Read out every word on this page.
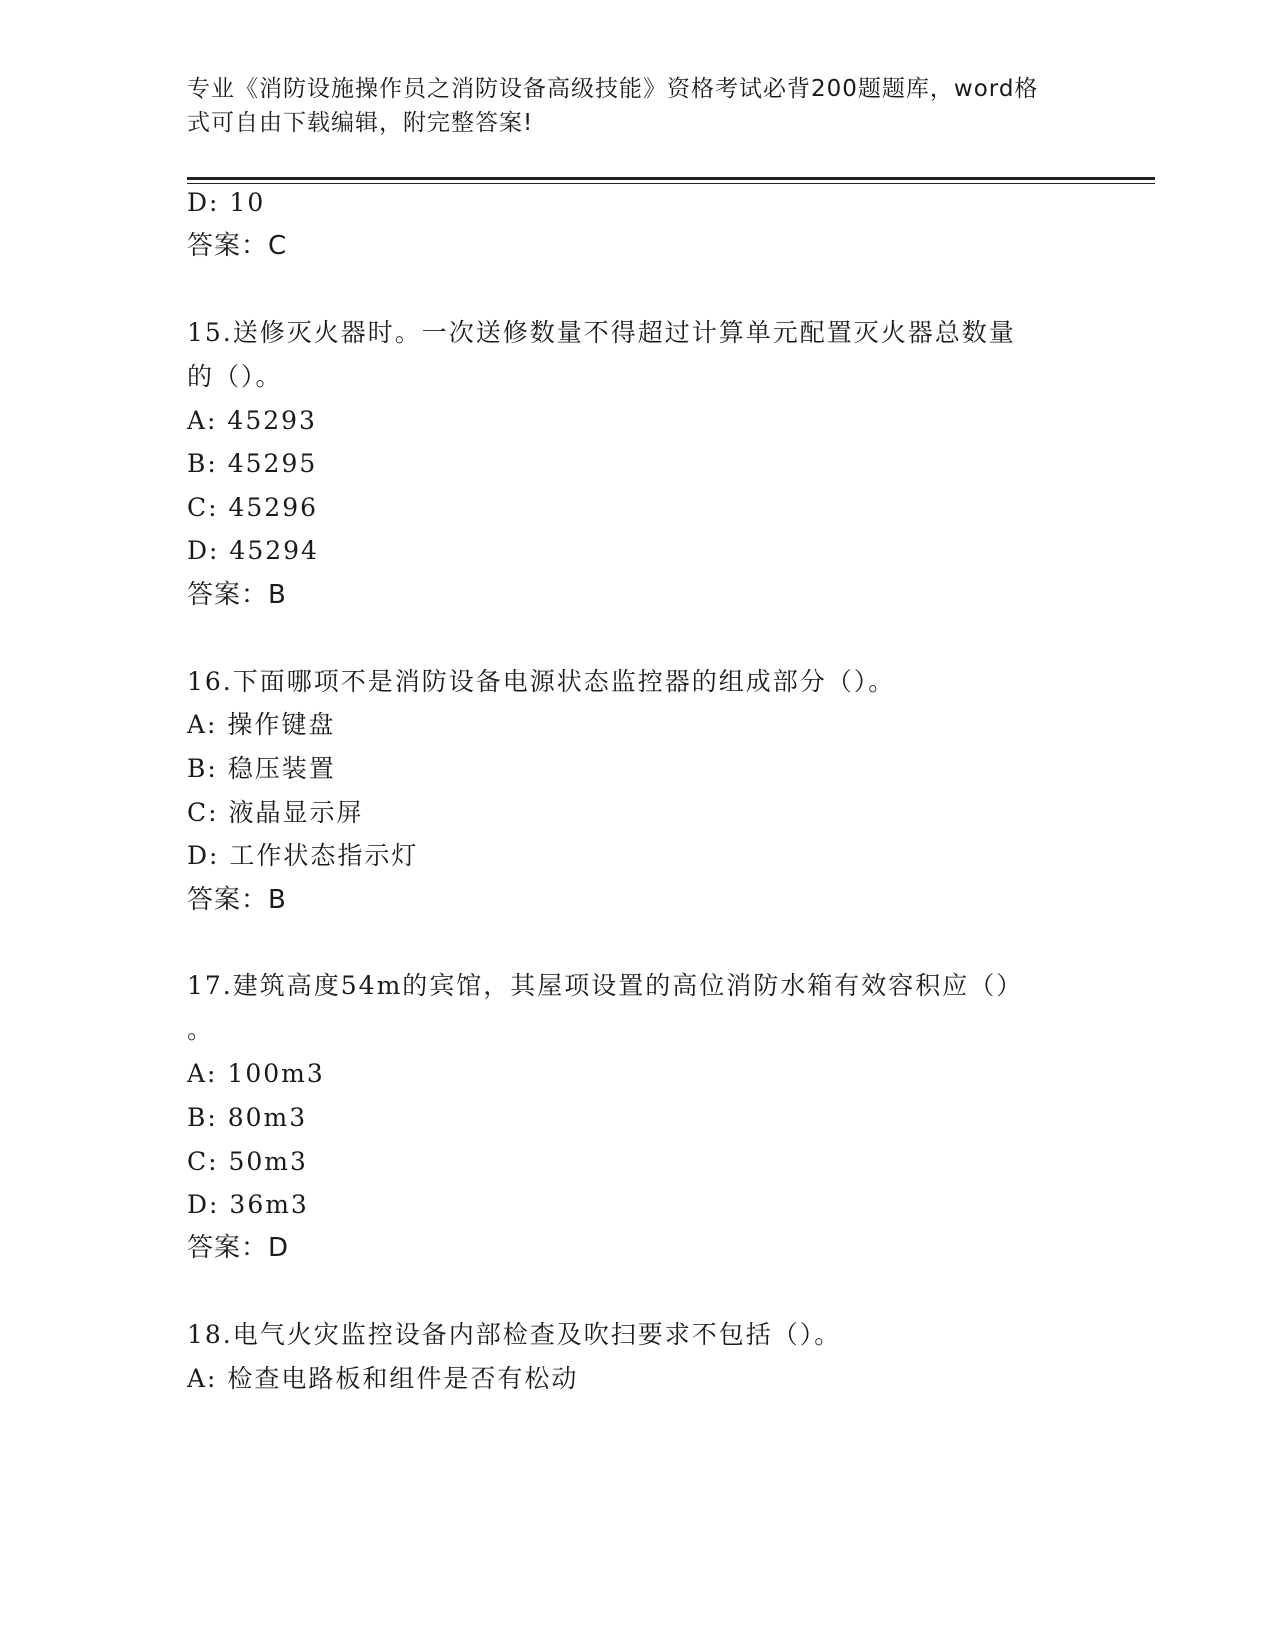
专业《消防设施操作员之消防设备高级技能》资格考试必背200题题库，word格
式可自由下载编辑，附完整答案!
D: 10
答案：C
15.送修灭火器时。一次送修数量不得超过计算单元配置灭火器总数量
的（）。
A: 45293
B: 45295
C: 45296
D: 45294
答案：B
16.下面哪项不是消防设备电源状态监控器的组成部分（）。
A: 操作键盘
B: 稳压装置
C: 液晶显示屏
D: 工作状态指示灯
答案：B
17.建筑高度54m的宾馆，其屋项设置的高位消防水箱有效容积应（）
。
A: 100m3
B: 80m3
C: 50m3
D: 36m3
答案：D
18.电气火灾监控设备内部检查及吹扫要求不包括（）。
A: 检查电路板和组件是否有松动
